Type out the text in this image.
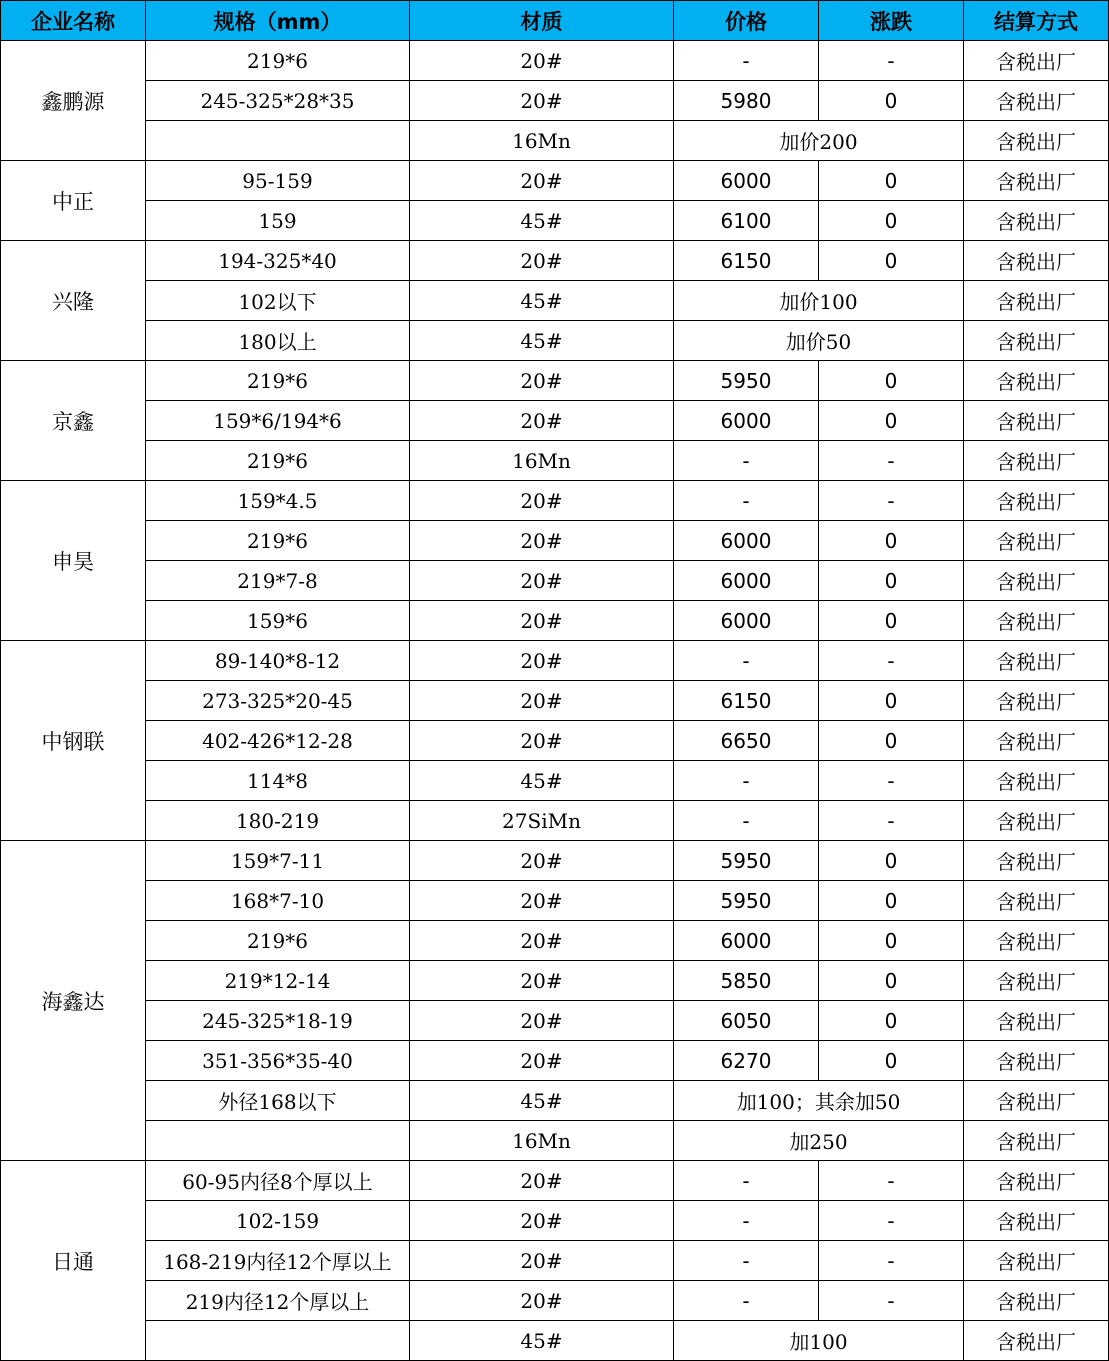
企业名称	规格（mm）	材质	价格	涨跌	结算方式
鑫鹏源	219*6	20#	-	-	含税出厂
	245-325*28*35	20#	5980	0	含税出厂
		16Mn	加价200		含税出厂
中正	95-159	20#	6000	0	含税出厂
	159	45#	6100	0	含税出厂
兴隆	194-325*40	20#	6150	0	含税出厂
	102以下	45#	加价100		含税出厂
	180以上	45#	加价50		含税出厂
京鑫	219*6	20#	5950	0	含税出厂
	159*6/194*6	20#	6000	0	含税出厂
	219*6	16Mn	-	-	含税出厂
申昊	159*4.5	20#	-	-	含税出厂
	219*6	20#	6000	0	含税出厂
	219*7-8	20#	6000	0	含税出厂
	159*6	20#	6000	0	含税出厂
中钢联	89-140*8-12	20#	-	-	含税出厂
	273-325*20-45	20#	6150	0	含税出厂
	402-426*12-28	20#	6650	0	含税出厂
	114*8	45#	-	-	含税出厂
	180-219	27SiMn	-	-	含税出厂
海鑫达	159*7-11	20#	5950	0	含税出厂
	168*7-10	20#	5950	0	含税出厂
	219*6	20#	6000	0	含税出厂
	219*12-14	20#	5850	0	含税出厂
	245-325*18-19	20#	6050	0	含税出厂
	351-356*35-40	20#	6270	0	含税出厂
	外径168以下	45#	加100；其余加50		含税出厂
		16Mn	加250		含税出厂
日通	60-95内径8个厚以上	20#	-	-	含税出厂
	102-159	20#	-	-	含税出厂
	168-219内径12个厚以上	20#	-	-	含税出厂
	219内径12个厚以上	20#	-	-	含税出厂
		45#	加100		含税出厂
